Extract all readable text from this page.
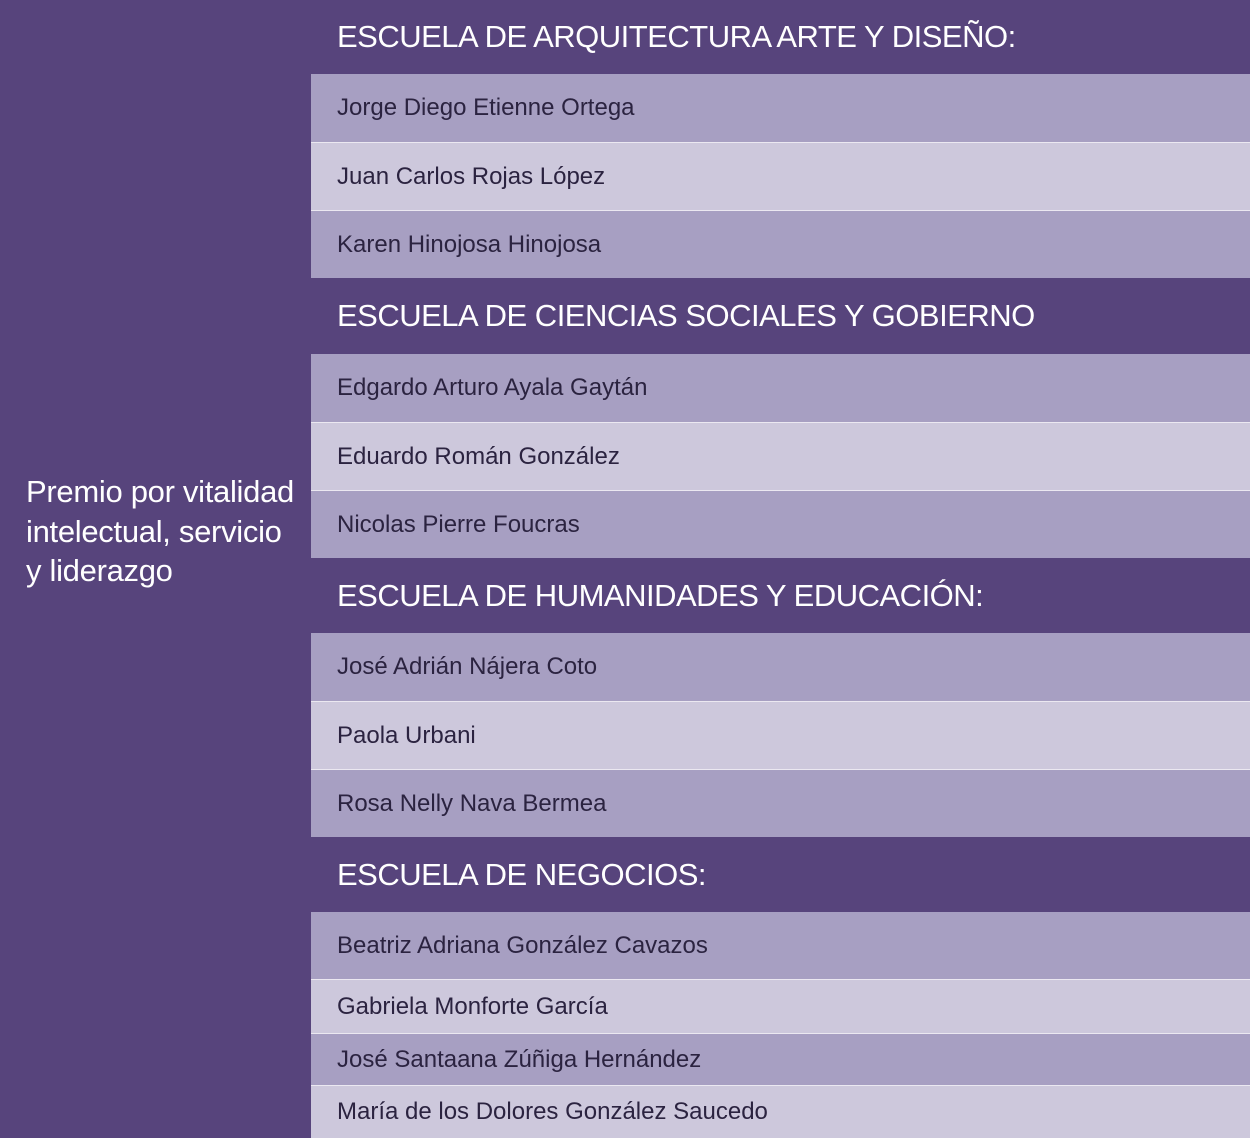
Premio por vitalidad intelectual, servicio y liderazgo
ESCUELA DE ARQUITECTURA ARTE Y DISEÑO:
Jorge Diego Etienne Ortega
Juan Carlos Rojas López
Karen Hinojosa Hinojosa
ESCUELA DE CIENCIAS SOCIALES Y GOBIERNO
Edgardo Arturo Ayala Gaytán
Eduardo Román González
Nicolas Pierre Foucras
ESCUELA DE HUMANIDADES Y EDUCACIÓN:
José Adrián Nájera Coto
Paola Urbani
Rosa Nelly Nava Bermea
ESCUELA DE NEGOCIOS:
Beatriz Adriana González Cavazos
Gabriela Monforte García
José Santaana Zúñiga Hernández
María de los Dolores González Saucedo
